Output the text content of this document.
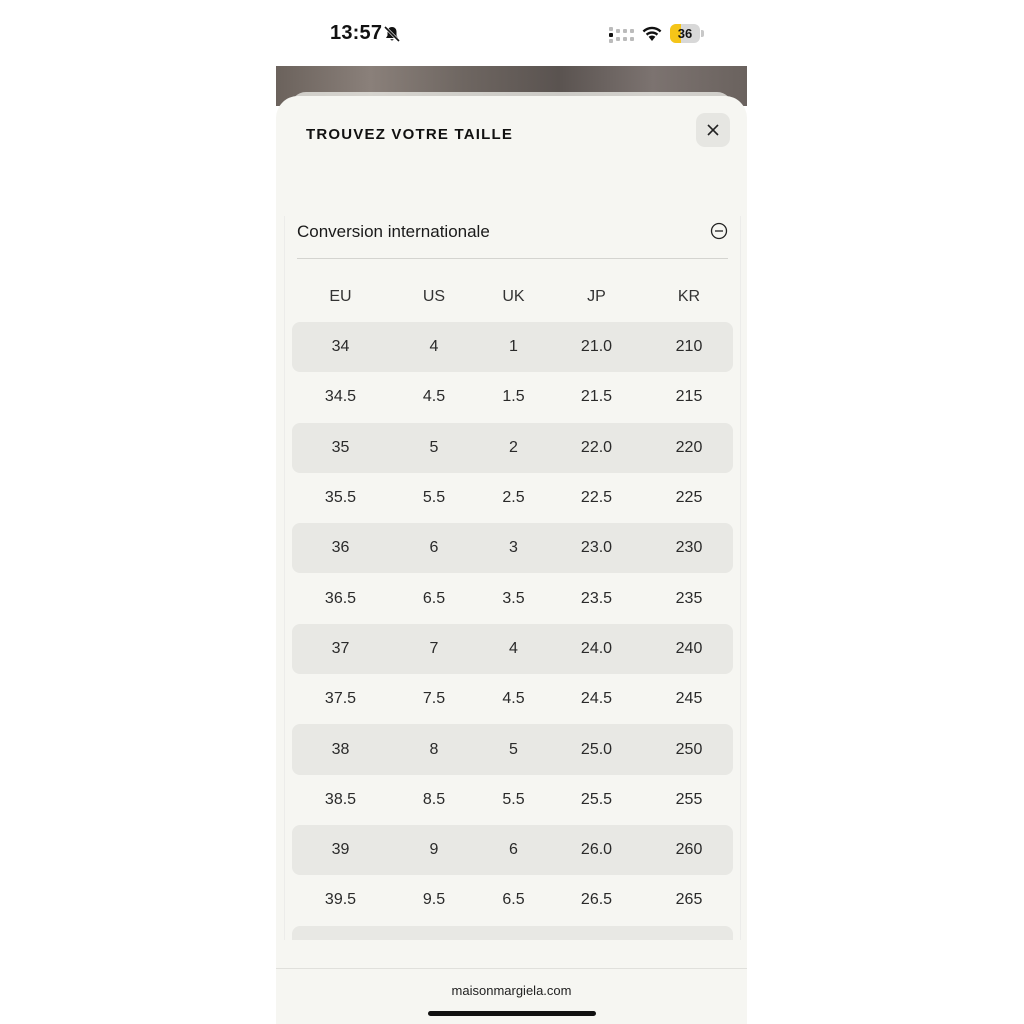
13:57	36
TROUVEZ VOTRE TAILLE
Conversion internationale
EU	US	UK	JP	KR
34	4	1	21.0	210
34.5	4.5	1.5	21.5	215
35	5	2	22.0	220
35.5	5.5	2.5	22.5	225
36	6	3	23.0	230
36.5	6.5	3.5	23.5	235
37	7	4	24.0	240
37.5	7.5	4.5	24.5	245
38	8	5	25.0	250
38.5	8.5	5.5	25.5	255
39	9	6	26.0	260
39.5	9.5	6.5	26.5	265
maisonmargiela.com
